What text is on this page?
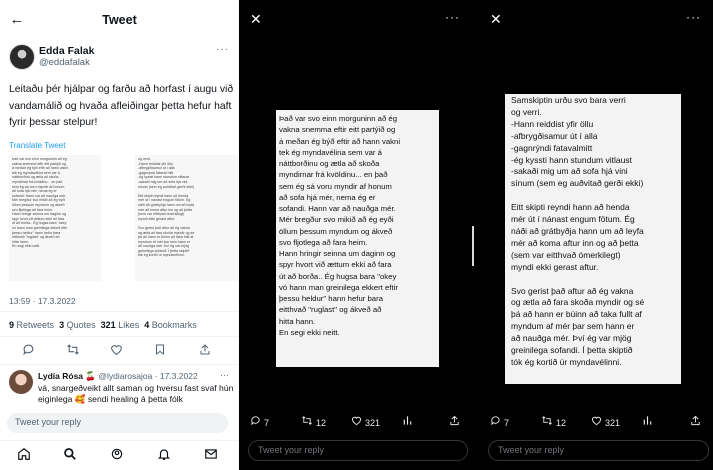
←	Tweet
Edda Falak
@eddafalak
···
Leitaðu þér hjálpar og farðu að horfast í augu við vandamálið og hvaða afleiðingar þetta hefur haft fyrir þessar stelpur!
Translate Tweet

Það var svo einn morguninn að ég
vakna snemma eftir eitt partýið og
á meðan ég býð eftir að hann vakni
tek ég myndavélina sem var á
náttborðinu og ætla að skoða
myndirnar frá kvöldinu... en það
sem ég sá voru myndir af honum
að sofa hjá mér, nema ég er
sofandi. Hann var að nauðga mér.
Mér bregður svo mikið að ég eyði
öllum þessum myndum og ákveð
svo fljotlega að fara heim.
Hann hringir seinna um daginn og
spyr hvort við ættum ekki að fara
út að borða.. Ég hugsa bara "okey
vó hann man greinilega ekkert eftir
þessu heldur" hann hefur bara
eitthvað "ruglast" og ákveð að
hitta hann.
En segi ekki neitt.

og verri.
-Hann reiddist yfir öllu
-afbrygðisamur út í alla
-gagnrýndi fataval mitt
-ég kyssti hann stundum vitlaust
-sakaði mig um að sofa hjá vini
sínum (sem eg auðvitað gerði ekki)

Eitt skipti reyndi hann að henda
mér út í nánast engum fötum. Ég
náði að grátbyðja hann um að leyfa
mér að koma aftur inn og að þetta
(sem var eitthvað ómerkilegt)
myndi ekki gerast aftur.

Svo gerist það aftur að ég vakna
og ætla að fara skoða myndir og sé
þá að hann er búinn að taka fullt af
myndum af mér þar sem hann er
að nauðga mér. Því ég var mjög
greinilega sofandi. Í þetta skiptið
tók ég kortið úr myndavélinni.

13:59 · 17.3.2022
9 Retweets 3 Quotes 321 Likes 4 Bookmarks
Lydía Rósa 🍒 @lydiarosajoa · 17.3.2022 ···
vá, snargeðveikt allt saman og hversu fast svaf hún eiginlega 🥰 sendi healing á þetta fólk
Tweet your reply
✕	···

Það var svo einn morguninn að ég
vakna snemma eftir eitt partýið og
á meðan ég býð eftir að hann vakni
tek ég myndavélina sem var á
náttborðinu og ætla að skoða
myndirnar frá kvöldinu... en það
sem ég sá voru myndir af honum
að sofa hjá mér, nema ég er
sofandi. Hann var að nauðga mér.
Mér bregður svo mikið að ég eyði
öllum þessum myndum og ákveð
svo fljotlega að fara heim.
Hann hringir seinna um daginn og
spyr hvort við ættum ekki að fara
út að borða.. Ég hugsa bara "okey
vó hann man greinilega ekkert eftir
þessu heldur" hann hefur bara
eitthvað "ruglast" og ákveð að
hitta hann.
En segi ekki neitt.

7	12	321
Tweet your reply
✕	···

Samskiptin urðu svo bara verri
og verri.
-Hann reiddist yfir öllu
-afbrygðisamur út í alla
-gagnrýndi fatavalmitt
-ég kyssti hann stundum vitlaust
-sakaði mig um að sofa hjá vini
sínum (sem eg auðvitað gerði ekki)

Eitt skipti reyndi hann að henda
mér út í nánast engum fötum. Ég
náði að grátbyðja hann um að leyfa
mér að koma aftur inn og að þetta
(sem var eitthvað ómerkilegt)
myndi ekki gerast aftur.

Svo gerist það aftur að ég vakna
og ætla að fara skoða myndir og sé
þá að hann er búinn að taka fullt af
myndum af mér þar sem hann er
að nauðga mér. Því ég var mjög
greinilega sofandi. Í þetta skiptið
tók ég kortið úr myndavélinni.

7	12	321
Tweet your reply
